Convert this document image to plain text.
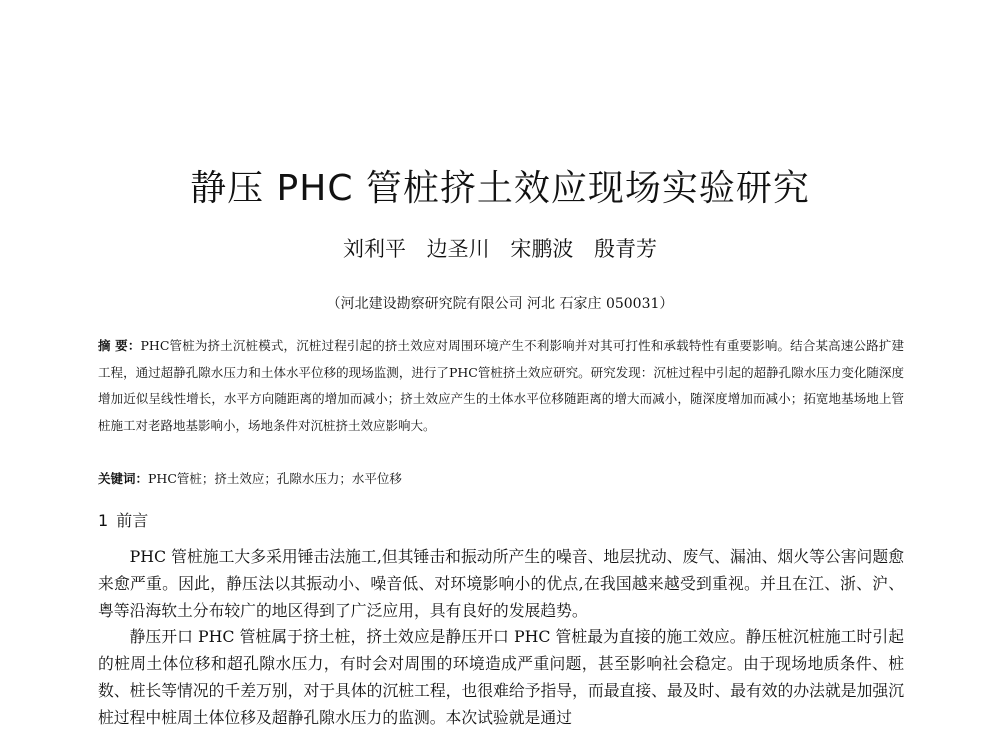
静压 PHC 管桩挤土效应现场实验研究
刘利平 边圣川 宋鹏波 殷青芳
（河北建设勘察研究院有限公司 河北 石家庄 050031）
摘 要：PHC管桩为挤土沉桩模式，沉桩过程引起的挤土效应对周围环境产生不利影响并对其可打性和承载特性有重要影响。结合某高速公路扩建工程，通过超静孔隙水压力和土体水平位移的现场监测，进行了PHC管桩挤土效应研究。研究发现：沉桩过程中引起的超静孔隙水压力变化随深度增加近似呈线性增长，水平方向随距离的增加而减小；挤土效应产生的土体水平位移随距离的增大而减小，随深度增加而减小；拓宽地基场地上管桩施工对老路地基影响小，场地条件对沉桩挤土效应影响大。
关键词：PHC管桩；挤土效应；孔隙水压力；水平位移
1 前言

PHC 管桩施工大多采用锤击法施工,但其锤击和振动所产生的噪音、地层扰动、废气、漏油、烟火等公害问题愈来愈严重。因此，静压法以其振动小、噪音低、对环境影响小的优点,在我国越来越受到重视。并且在江、浙、沪、粤等沿海软土分布较广的地区得到了广泛应用，具有良好的发展趋势。

静压开口 PHC 管桩属于挤土桩，挤土效应是静压开口 PHC 管桩最为直接的施工效应。静压桩沉桩施工时引起的桩周土体位移和超孔隙水压力，有时会对周围的环境造成严重问题，甚至影响社会稳定。由于现场地质条件、桩数、桩长等情况的千差万别，对于具体的沉桩工程，也很难给予指导，而最直接、最及时、最有效的办法就是加强沉桩过程中桩周土体位移及超静孔隙水压力的监测。本次试验就是通过
